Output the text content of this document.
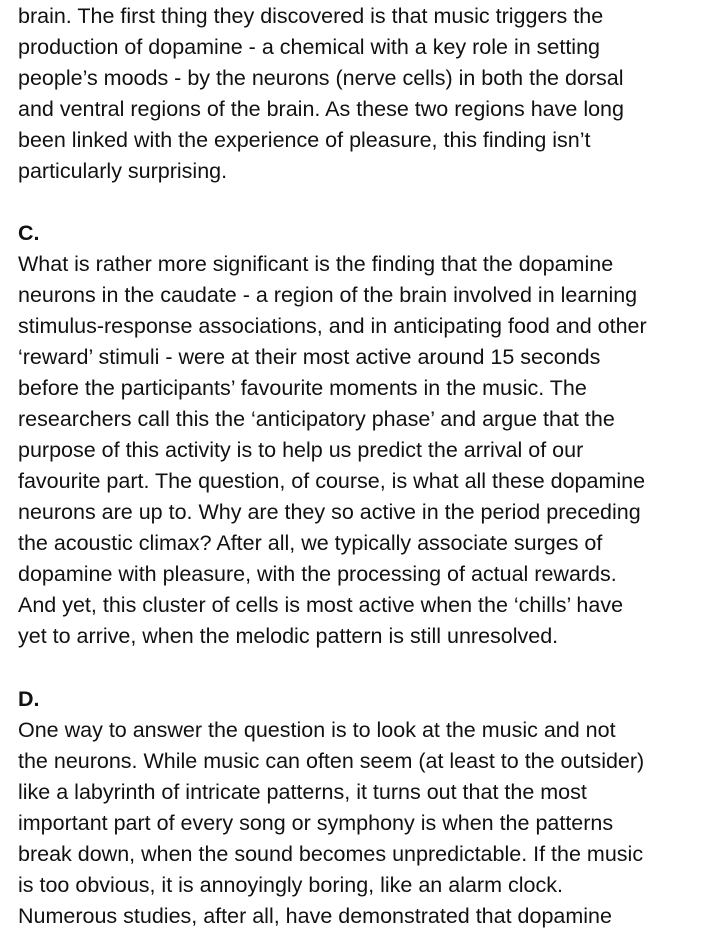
brain. The first thing they discovered is that music triggers the
production of dopamine - a chemical with a key role in setting
people’s moods - by the neurons (nerve cells) in both the dorsal
and ventral regions of the brain. As these two regions have long
been linked with the experience of pleasure, this finding isn’t
particularly surprising.
C.
What is rather more significant is the finding that the dopamine
neurons in the caudate - a region of the brain involved in learning
stimulus-response associations, and in anticipating food and other
‘reward’ stimuli - were at their most active around 15 seconds
before the participants’ favourite moments in the music. The
researchers call this the ‘anticipatory phase’ and argue that the
purpose of this activity is to help us predict the arrival of our
favourite part. The question, of course, is what all these dopamine
neurons are up to. Why are they so active in the period preceding
the acoustic climax? After all, we typically associate surges of
dopamine with pleasure, with the processing of actual rewards.
And yet, this cluster of cells is most active when the ‘chills’ have
yet to arrive, when the melodic pattern is still unresolved.
D.
One way to answer the question is to look at the music and not
the neurons. While music can often seem (at least to the outsider)
like a labyrinth of intricate patterns, it turns out that the most
important part of every song or symphony is when the patterns
break down, when the sound becomes unpredictable. If the music
is too obvious, it is annoyingly boring, like an alarm clock.
Numerous studies, after all, have demonstrated that dopamine
